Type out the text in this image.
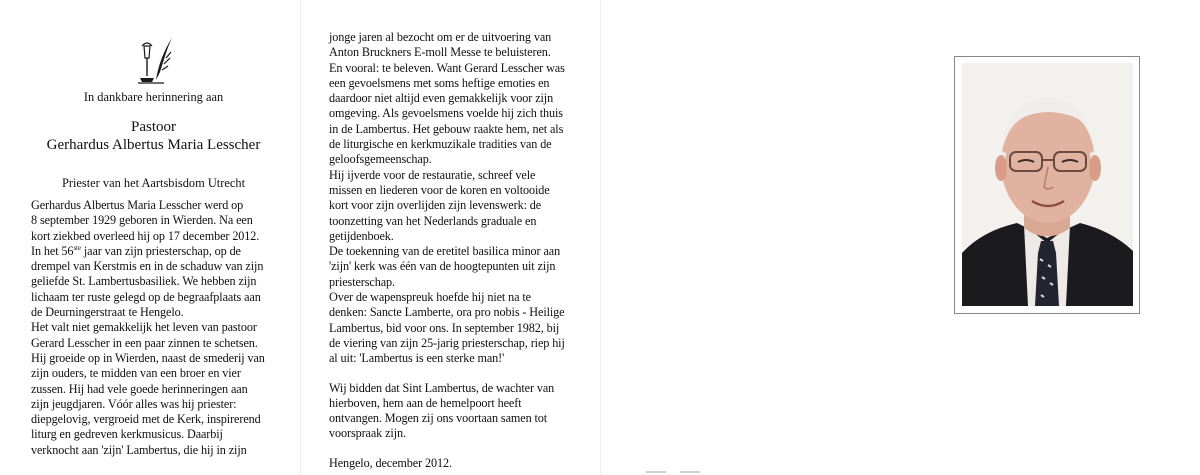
In dankbare herinnering aan
Pastoor
Gerhardus Albertus Maria Lesscher
Priester van het Aartsbisdom Utrecht
Gerhardus Albertus Maria Lesscher werd op
8 september 1929 geboren in Wierden. Na een
kort ziekbed overleed hij op 17 december 2012.
In het 56ste jaar van zijn priesterschap, op de
drempel van Kerstmis en in de schaduw van zijn
geliefde St. Lambertusbasiliek. We hebben zijn
lichaam ter ruste gelegd op de begraafplaats aan
de Deurningerstraat te Hengelo.
Het valt niet gemakkelijk het leven van pastoor
Gerard Lesscher in een paar zinnen te schetsen.
Hij groeide op in Wierden, naast de smederij van
zijn ouders, te midden van een broer en vier
zussen. Hij had vele goede herinneringen aan
zijn jeugdjaren. Vóór alles was hij priester:
diepgelovig, vergroeid met de Kerk, inspirerend
liturg en gedreven kerkmusicus. Daarbij
verknocht aan 'zijn' Lambertus, die hij in zijn
jonge jaren al bezocht om er de uitvoering van
Anton Bruckners E-moll Messe te beluisteren.
En vooral: te beleven. Want Gerard Lesscher was
een gevoelsmens met soms heftige emoties en
daardoor niet altijd even gemakkelijk voor zijn
omgeving. Als gevoelsmens voelde hij zich thuis
in de Lambertus. Het gebouw raakte hem, net als
de liturgische en kerkmuzikale tradities van de
geloofsgemeenschap.
Hij ijverde voor de restauratie, schreef vele
missen en liederen voor de koren en voltooide
kort voor zijn overlijden zijn levenswerk: de
toonzetting van het Nederlands graduale en
getijdenboek.
De toekenning van de eretitel basilica minor aan
'zijn' kerk was één van de hoogtepunten uit zijn
priesterschap.
Over de wapenspreuk hoefde hij niet na te
denken: Sancte Lamberte, ora pro nobis - Heilige
Lambertus, bid voor ons. In september 1982, bij
de viering van zijn 25-jarig priesterschap, riep hij
al uit: 'Lambertus is een sterke man!'
Wij bidden dat Sint Lambertus, de wachter van
hierboven, hem aan de hemelpoort heeft
ontvangen. Mogen zij ons voortaan samen tot
voorspraak zijn.
Hengelo, december 2012.
